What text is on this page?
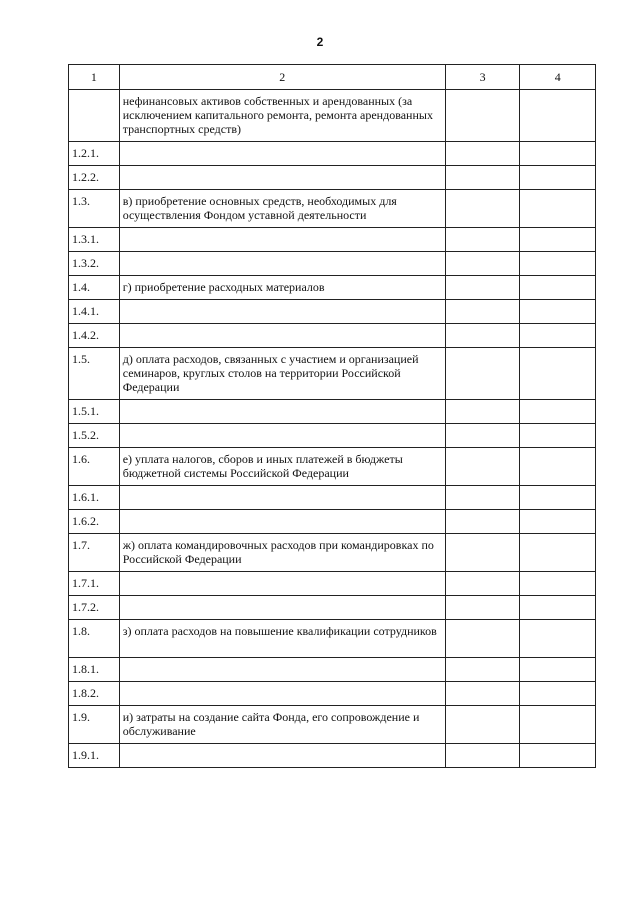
2
1	2	3	4
	нефинансовых активов собственных и арендованных (за исключением капитального ремонта, ремонта арендованных транспортных средств)		
1.2.1.			
1.2.2.			
1.3.	в) приобретение основных средств, необходимых для осуществления Фондом уставной деятельности		
1.3.1.			
1.3.2.			
1.4.	г) приобретение расходных материалов		
1.4.1.			
1.4.2.			
1.5.	д) оплата расходов, связанных с участием и организацией семинаров, круглых столов на территории Российской Федерации		
1.5.1.			
1.5.2.			
1.6.	е) уплата налогов, сборов и иных платежей в бюджеты бюджетной системы Российской Федерации		
1.6.1.			
1.6.2.			
1.7.	ж) оплата командировочных расходов при командировках по Российской Федерации		
1.7.1.			
1.7.2.			
1.8.	з) оплата расходов на повышение квалификации сотрудников		
1.8.1.			
1.8.2.			
1.9.	и) затраты на создание сайта Фонда, его сопровождение и обслуживание		
1.9.1.			
